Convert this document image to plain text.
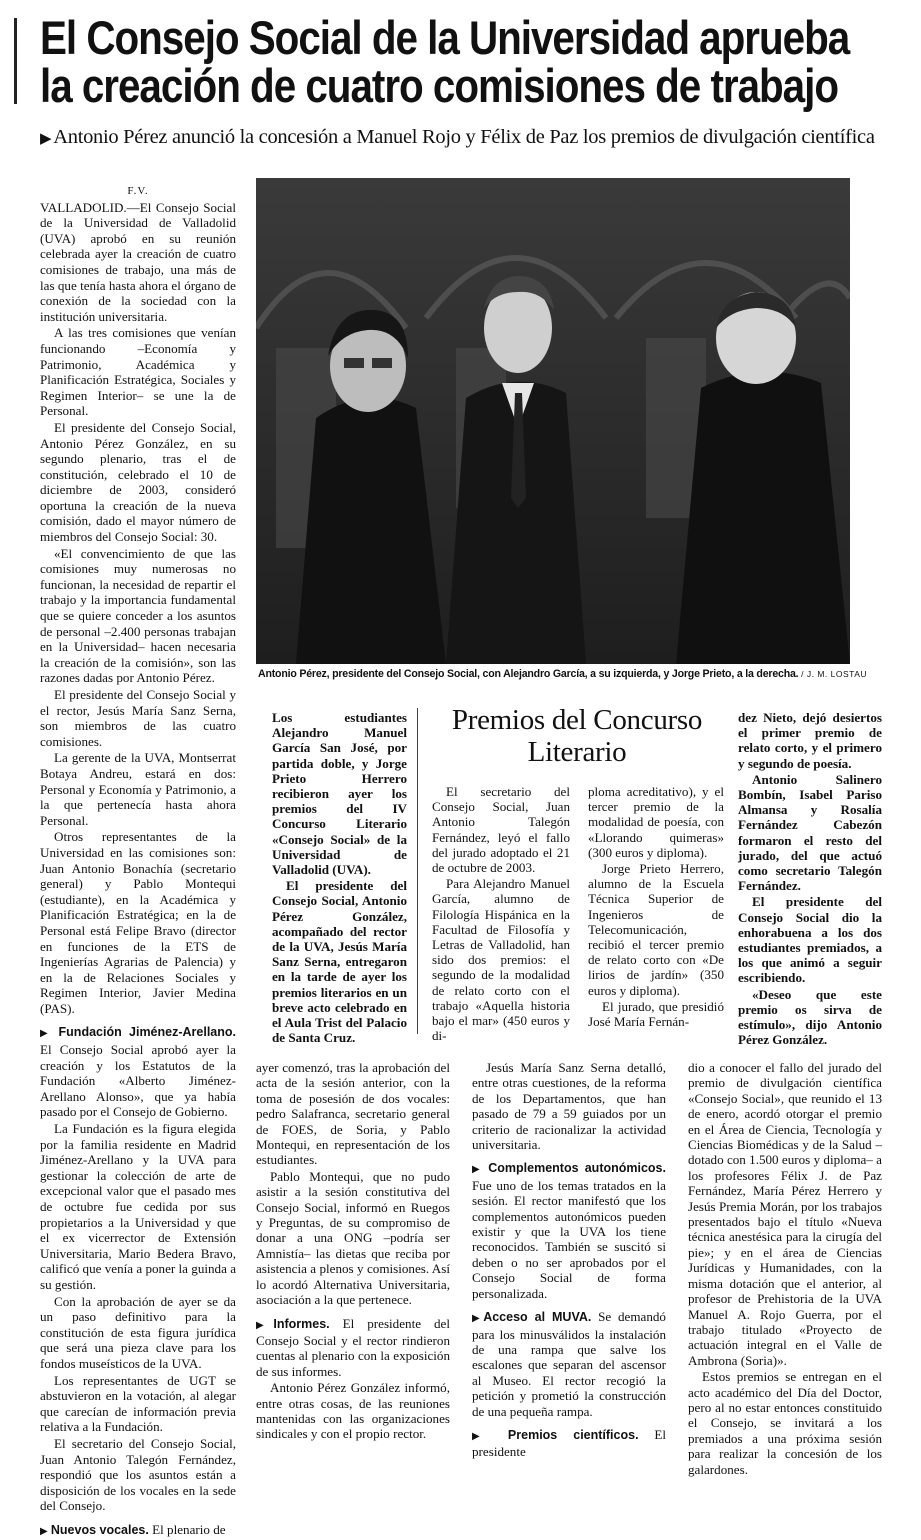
El Consejo Social de la Universidad aprueba
la creación de cuatro comisiones de trabajo
▶Antonio Pérez anunció la concesión a Manuel Rojo y Félix de Paz los premios de divulgación científica
F.V.

VALLADOLID.—El Consejo Social de la Universidad de Valladolid (UVA) aprobó en su reunión celebrada ayer la creación de cuatro comisiones de trabajo, una más de las que tenía hasta ahora el órgano de conexión de la sociedad con la institución universitaria.

A las tres comisiones que venían funcionando –Economía y Patrimonio, Académica y Planificación Estratégica, Sociales y Regimen Interior– se une la de Personal.

El presidente del Consejo Social, Antonio Pérez González, en su segundo plenario, tras el de constitución, celebrado el 10 de diciembre de 2003, consideró oportuna la creación de la nueva comisión, dado el mayor número de miembros del Consejo Social: 30.

«El convencimiento de que las comisiones muy numerosas no funcionan, la necesidad de repartir el trabajo y la importancia fundamental que se quiere conceder a los asuntos de personal –2.400 personas trabajan en la Universidad– hacen necesaria la creación de la comisión», son las razones dadas por Antonio Pérez.

El presidente del Consejo Social y el rector, Jesús María Sanz Serna, son miembros de las cuatro comisiones.

La gerente de la UVA, Montserrat Botaya Andreu, estará en dos: Personal y Economía y Patrimonio, a la que pertenecía hasta ahora Personal.

Otros representantes de la Universidad en las comisiones son: Juan Antonio Bonachía (secretario general) y Pablo Montequi (estudiante), en la Académica y Planificación Estratégica; en la de Personal está Felipe Bravo (director en funciones de la ETS de Ingenierías Agrarias de Palencia) y en la de Relaciones Sociales y Regimen Interior, Javier Medina (PAS).

▶ Fundación Jiménez-Arellano. El Consejo Social aprobó ayer la creación y los Estatutos de la Fundación «Alberto Jiménez-Arellano Alonso», que ya había pasado por el Consejo de Gobierno.

La Fundación es la figura elegida por la familia residente en Madrid Jiménez-Arellano y la UVA para gestionar la colección de arte de excepcional valor que el pasado mes de octubre fue cedida por sus propietarios a la Universidad y que el ex vicerrector de Extensión Universitaria, Mario Bedera Bravo, calificó que venía a poner la guinda a su gestión.

Con la aprobación de ayer se da un paso definitivo para la constitución de esta figura jurídica que será una pieza clave para los fondos museísticos de la UVA.

Los representantes de UGT se abstuvieron en la votación, al alegar que carecían de información previa relativa a la Fundación.

El secretario del Consejo Social, Juan Antonio Talegón Fernández, respondió que los asuntos están a disposición de los vocales en la sede del Consejo.

▶ Nuevos vocales. El plenario de

Antonio Pérez, presidente del Consejo Social, con Alejandro García, a su izquierda, y Jorge Prieto, a la derecha. / J. M. LOSTAU
Premios del Concurso Literario

Los estudiantes Alejandro Manuel García San José, por partida doble, y Jorge Prieto Herrero recibieron ayer los premios del IV Concurso Literario «Consejo Social» de la Universidad de Valladolid (UVA).

El presidente del Consejo Social, Antonio Pérez González, acompañado del rector de la UVA, Jesús María Sanz Serna, entregaron en la tarde de ayer los premios literarios en un breve acto celebrado en el Aula Trist del Palacio de Santa Cruz.

El secretario del Consejo Social, Juan Antonio Talegón Fernández, leyó el fallo del jurado adoptado el 21 de octubre de 2003.

Para Alejandro Manuel García, alumno de Filología Hispánica en la Facultad de Filosofía y Letras de Valladolid, han sido dos premios: el segundo de la modalidad de relato corto con el trabajo «Aquella historia bajo el mar» (450 euros y di-

ploma acreditativo), y el tercer premio de la modalidad de poesía, con «Llorando quimeras» (300 euros y diploma).

Jorge Prieto Herrero, alumno de la Escuela Técnica Superior de Ingenieros de Telecomunicación, recibió el tercer premio de relato corto con «De lirios de jardín» (350 euros y diploma).

El jurado, que presidió José María Fernán-

dez Nieto, dejó desiertos el primer premio de relato corto, y el primero y segundo de poesía.

Antonio Salinero Bombín, Isabel Pariso Almansa y Rosalía Fernández Cabezón formaron el resto del jurado, del que actuó como secretario Talegón Fernández.

El presidente del Consejo Social dio la enhorabuena a los dos estudiantes premiados, a los que animó a seguir escribiendo.

«Deseo que este premio os sirva de estímulo», dijo Antonio Pérez González.

ayer comenzó, tras la aprobación del acta de la sesión anterior, con la toma de posesión de dos vocales: pedro Salafranca, secretario general de FOES, de Soria, y Pablo Montequi, en representación de los estudiantes.

Pablo Montequi, que no pudo asistir a la sesión constitutiva del Consejo Social, informó en Ruegos y Preguntas, de su compromiso de donar a una ONG –podría ser Amnistía– las dietas que reciba por asistencia a plenos y comisiones. Así lo acordó Alternativa Universitaria, asociación a la que pertenece.

▶Informes. El presidente del Consejo Social y el rector rindieron cuentas al plenario con la exposición de sus informes.

Antonio Pérez González informó, entre otras cosas, de las reuniones mantenidas con las organizaciones sindicales y con el propio rector.

Jesús María Sanz Serna detalló, entre otras cuestiones, de la reforma de los Departamentos, que han pasado de 79 a 59 guiados por un criterio de racionalizar la actividad universitaria.

▶ Complementos autonómicos. Fue uno de los temas tratados en la sesión. El rector manifestó que los complementos autonómicos pueden existir y que la UVA los tiene reconocidos. También se suscitó si deben o no ser aprobados por el Consejo Social de forma personalizada.

▶Acceso al MUVA. Se demandó para los minusválidos la instalación de una rampa que salve los escalones que separan del ascensor al Museo. El rector recogió la petición y prometió la construcción de una pequeña rampa.

▶ Premios científicos. El presidente

dio a conocer el fallo del jurado del premio de divulgación científica «Consejo Social», que reunido el 13 de enero, acordó otorgar el premio en el Área de Ciencia, Tecnología y Ciencias Biomédicas y de la Salud –dotado con 1.500 euros y diploma– a los profesores Félix J. de Paz Fernández, María Pérez Herrero y Jesús Premia Morán, por los trabajos presentados bajo el título «Nueva técnica anestésica para la cirugía del pie»; y en el área de Ciencias Jurídicas y Humanidades, con la misma dotación que el anterior, al profesor de Prehistoria de la UVA Manuel A. Rojo Guerra, por el trabajo titulado «Proyecto de actuación integral en el Valle de Ambrona (Soria)».

Estos premios se entregan en el acto académico del Día del Doctor, pero al no estar entonces constituido el Consejo, se invitará a los premiados a una próxima sesión para realizar la concesión de los galardones.
